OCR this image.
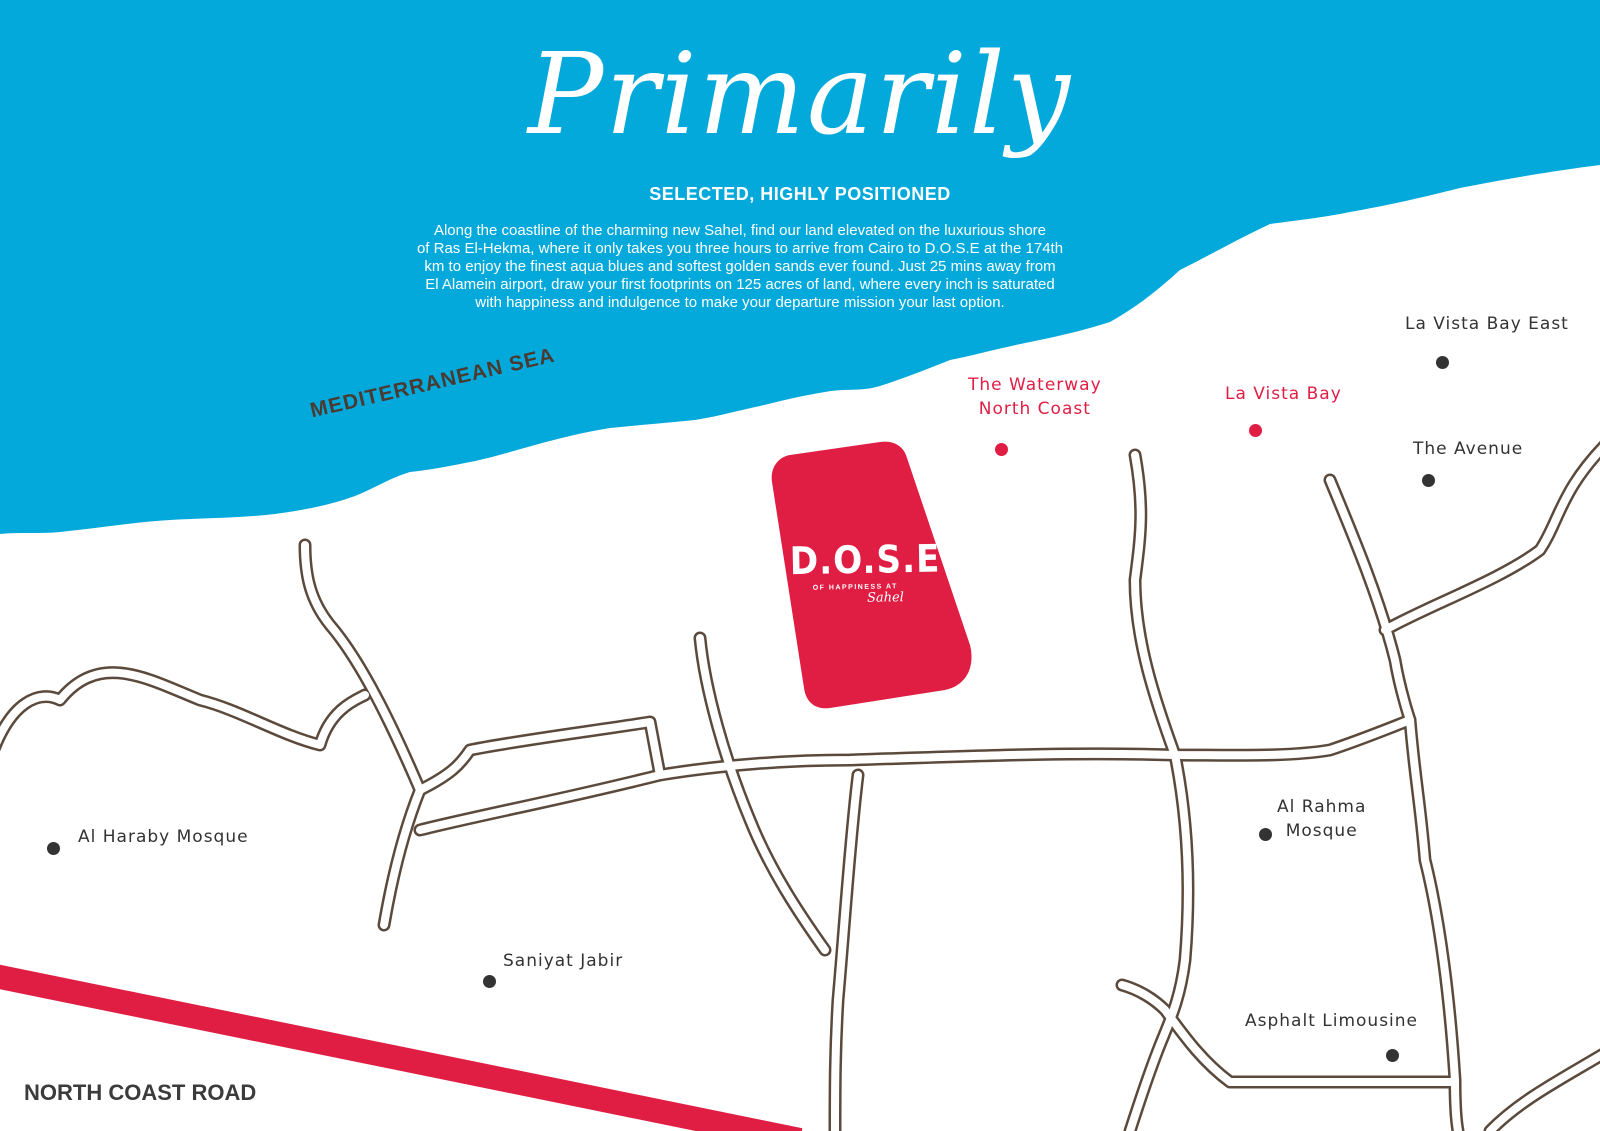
Primarily
SELECTED, HIGHLY POSITIONED
Along the coastline of the charming new Sahel, find our land elevated on the luxurious shore
of Ras El-Hekma, where it only takes you three hours to arrive from Cairo to D.O.S.E at the 174th
km to enjoy the finest aqua blues and softest golden sands ever found. Just 25 mins away from
El Alamein airport, draw your first footprints on 125 acres of land, where every inch is saturated
with happiness and indulgence to make your departure mission your last option.
MEDITERRANEAN SEA
NORTH COAST ROAD
D.O.S.E
OF HAPPINESS AT
Sahel
La Vista Bay East
The Waterway
North Coast
La Vista Bay
The Avenue
Al Rahma
Mosque
Al Haraby Mosque
Saniyat Jabir
Asphalt Limousine
